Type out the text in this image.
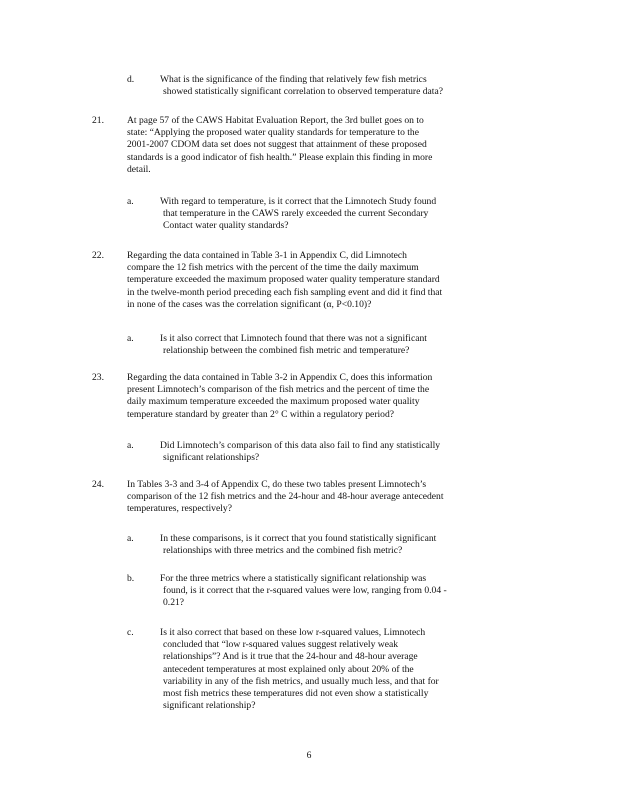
d.	What is the significance of the finding that relatively few fish metrics
showed statistically significant correlation to observed temperature data?
21. At page 57 of the CAWS Habitat Evaluation Report, the 3rd bullet goes on to
state: “Applying the proposed water quality standards for temperature to the
2001-2007 CDOM data set does not suggest that attainment of these proposed
standards is a good indicator of fish health.” Please explain this finding in more
detail.
a.	With regard to temperature, is it correct that the Limnotech Study found
that temperature in the CAWS rarely exceeded the current Secondary
Contact water quality standards?
22. Regarding the data contained in Table 3-1 in Appendix C, did Limnotech
compare the 12 fish metrics with the percent of the time the daily maximum
temperature exceeded the maximum proposed water quality temperature standard
in the twelve-month period preceding each fish sampling event and did it find that
in none of the cases was the correlation significant (α, P<0.10)?
a.	Is it also correct that Limnotech found that there was not a significant
relationship between the combined fish metric and temperature?
23. Regarding the data contained in Table 3-2 in Appendix C, does this information
present Limnotech’s comparison of the fish metrics and the percent of time the
daily maximum temperature exceeded the maximum proposed water quality
temperature standard by greater than 2° C within a regulatory period?
a.	Did Limnotech’s comparison of this data also fail to find any statistically
significant relationships?
24. In Tables 3-3 and 3-4 of Appendix C, do these two tables present Limnotech’s
comparison of the 12 fish metrics and the 24-hour and 48-hour average antecedent
temperatures, respectively?
a.	In these comparisons, is it correct that you found statistically significant
relationships with three metrics and the combined fish metric?
b.	For the three metrics where a statistically significant relationship was
found, is it correct that the r-squared values were low, ranging from 0.04 -
0.21?
c.	Is it also correct that based on these low r-squared values, Limnotech
concluded that “low r-squared values suggest relatively weak
relationships”? And is it true that the 24-hour and 48-hour average
antecedent temperatures at most explained only about 20% of the
variability in any of the fish metrics, and usually much less, and that for
most fish metrics these temperatures did not even show a statistically
significant relationship?
6
